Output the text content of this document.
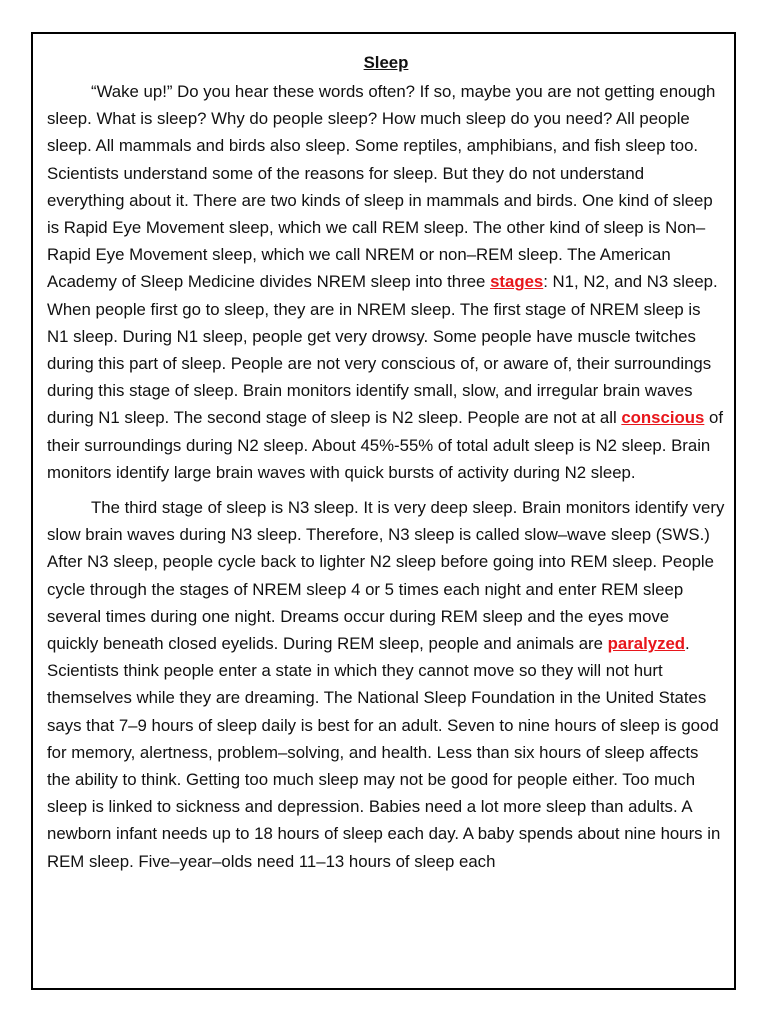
Sleep

“Wake up!” Do you hear these words often? If so, maybe you are not getting enough sleep. What is sleep? Why do people sleep? How much sleep do you need? All people sleep. All mammals and birds also sleep. Some reptiles, amphibians, and fish sleep too. Scientists understand some of the reasons for sleep. But they do not understand everything about it. There are two kinds of sleep in mammals and birds. One kind of sleep is Rapid Eye Movement sleep, which we call REM sleep. The other kind of sleep is Non–Rapid Eye Movement sleep, which we call NREM or non–REM sleep. The American Academy of Sleep Medicine divides NREM sleep into three stages: N1, N2, and N3 sleep. When people first go to sleep, they are in NREM sleep. The first stage of NREM sleep is N1 sleep. During N1 sleep, people get very drowsy. Some people have muscle twitches during this part of sleep. People are not very conscious of, or aware of, their surroundings during this stage of sleep. Brain monitors identify small, slow, and irregular brain waves during N1 sleep. The second stage of sleep is N2 sleep. People are not at all conscious of their surroundings during N2 sleep. About 45%-55% of total adult sleep is N2 sleep. Brain monitors identify large brain waves with quick bursts of activity during N2 sleep.

The third stage of sleep is N3 sleep. It is very deep sleep. Brain monitors identify very slow brain waves during N3 sleep. Therefore, N3 sleep is called slow–wave sleep (SWS.) After N3 sleep, people cycle back to lighter N2 sleep before going into REM sleep. People cycle through the stages of NREM sleep 4 or 5 times each night and enter REM sleep several times during one night. Dreams occur during REM sleep and the eyes move quickly beneath closed eyelids. During REM sleep, people and animals are paralyzed. Scientists think people enter a state in which they cannot move so they will not hurt themselves while they are dreaming. The National Sleep Foundation in the United States says that 7–9 hours of sleep daily is best for an adult. Seven to nine hours of sleep is good for memory, alertness, problem–solving, and health. Less than six hours of sleep affects the ability to think. Getting too much sleep may not be good for people either. Too much sleep is linked to sickness and depression. Babies need a lot more sleep than adults. A newborn infant needs up to 18 hours of sleep each day. A baby spends about nine hours in REM sleep. Five–year–olds need 11–13 hours of sleep each
